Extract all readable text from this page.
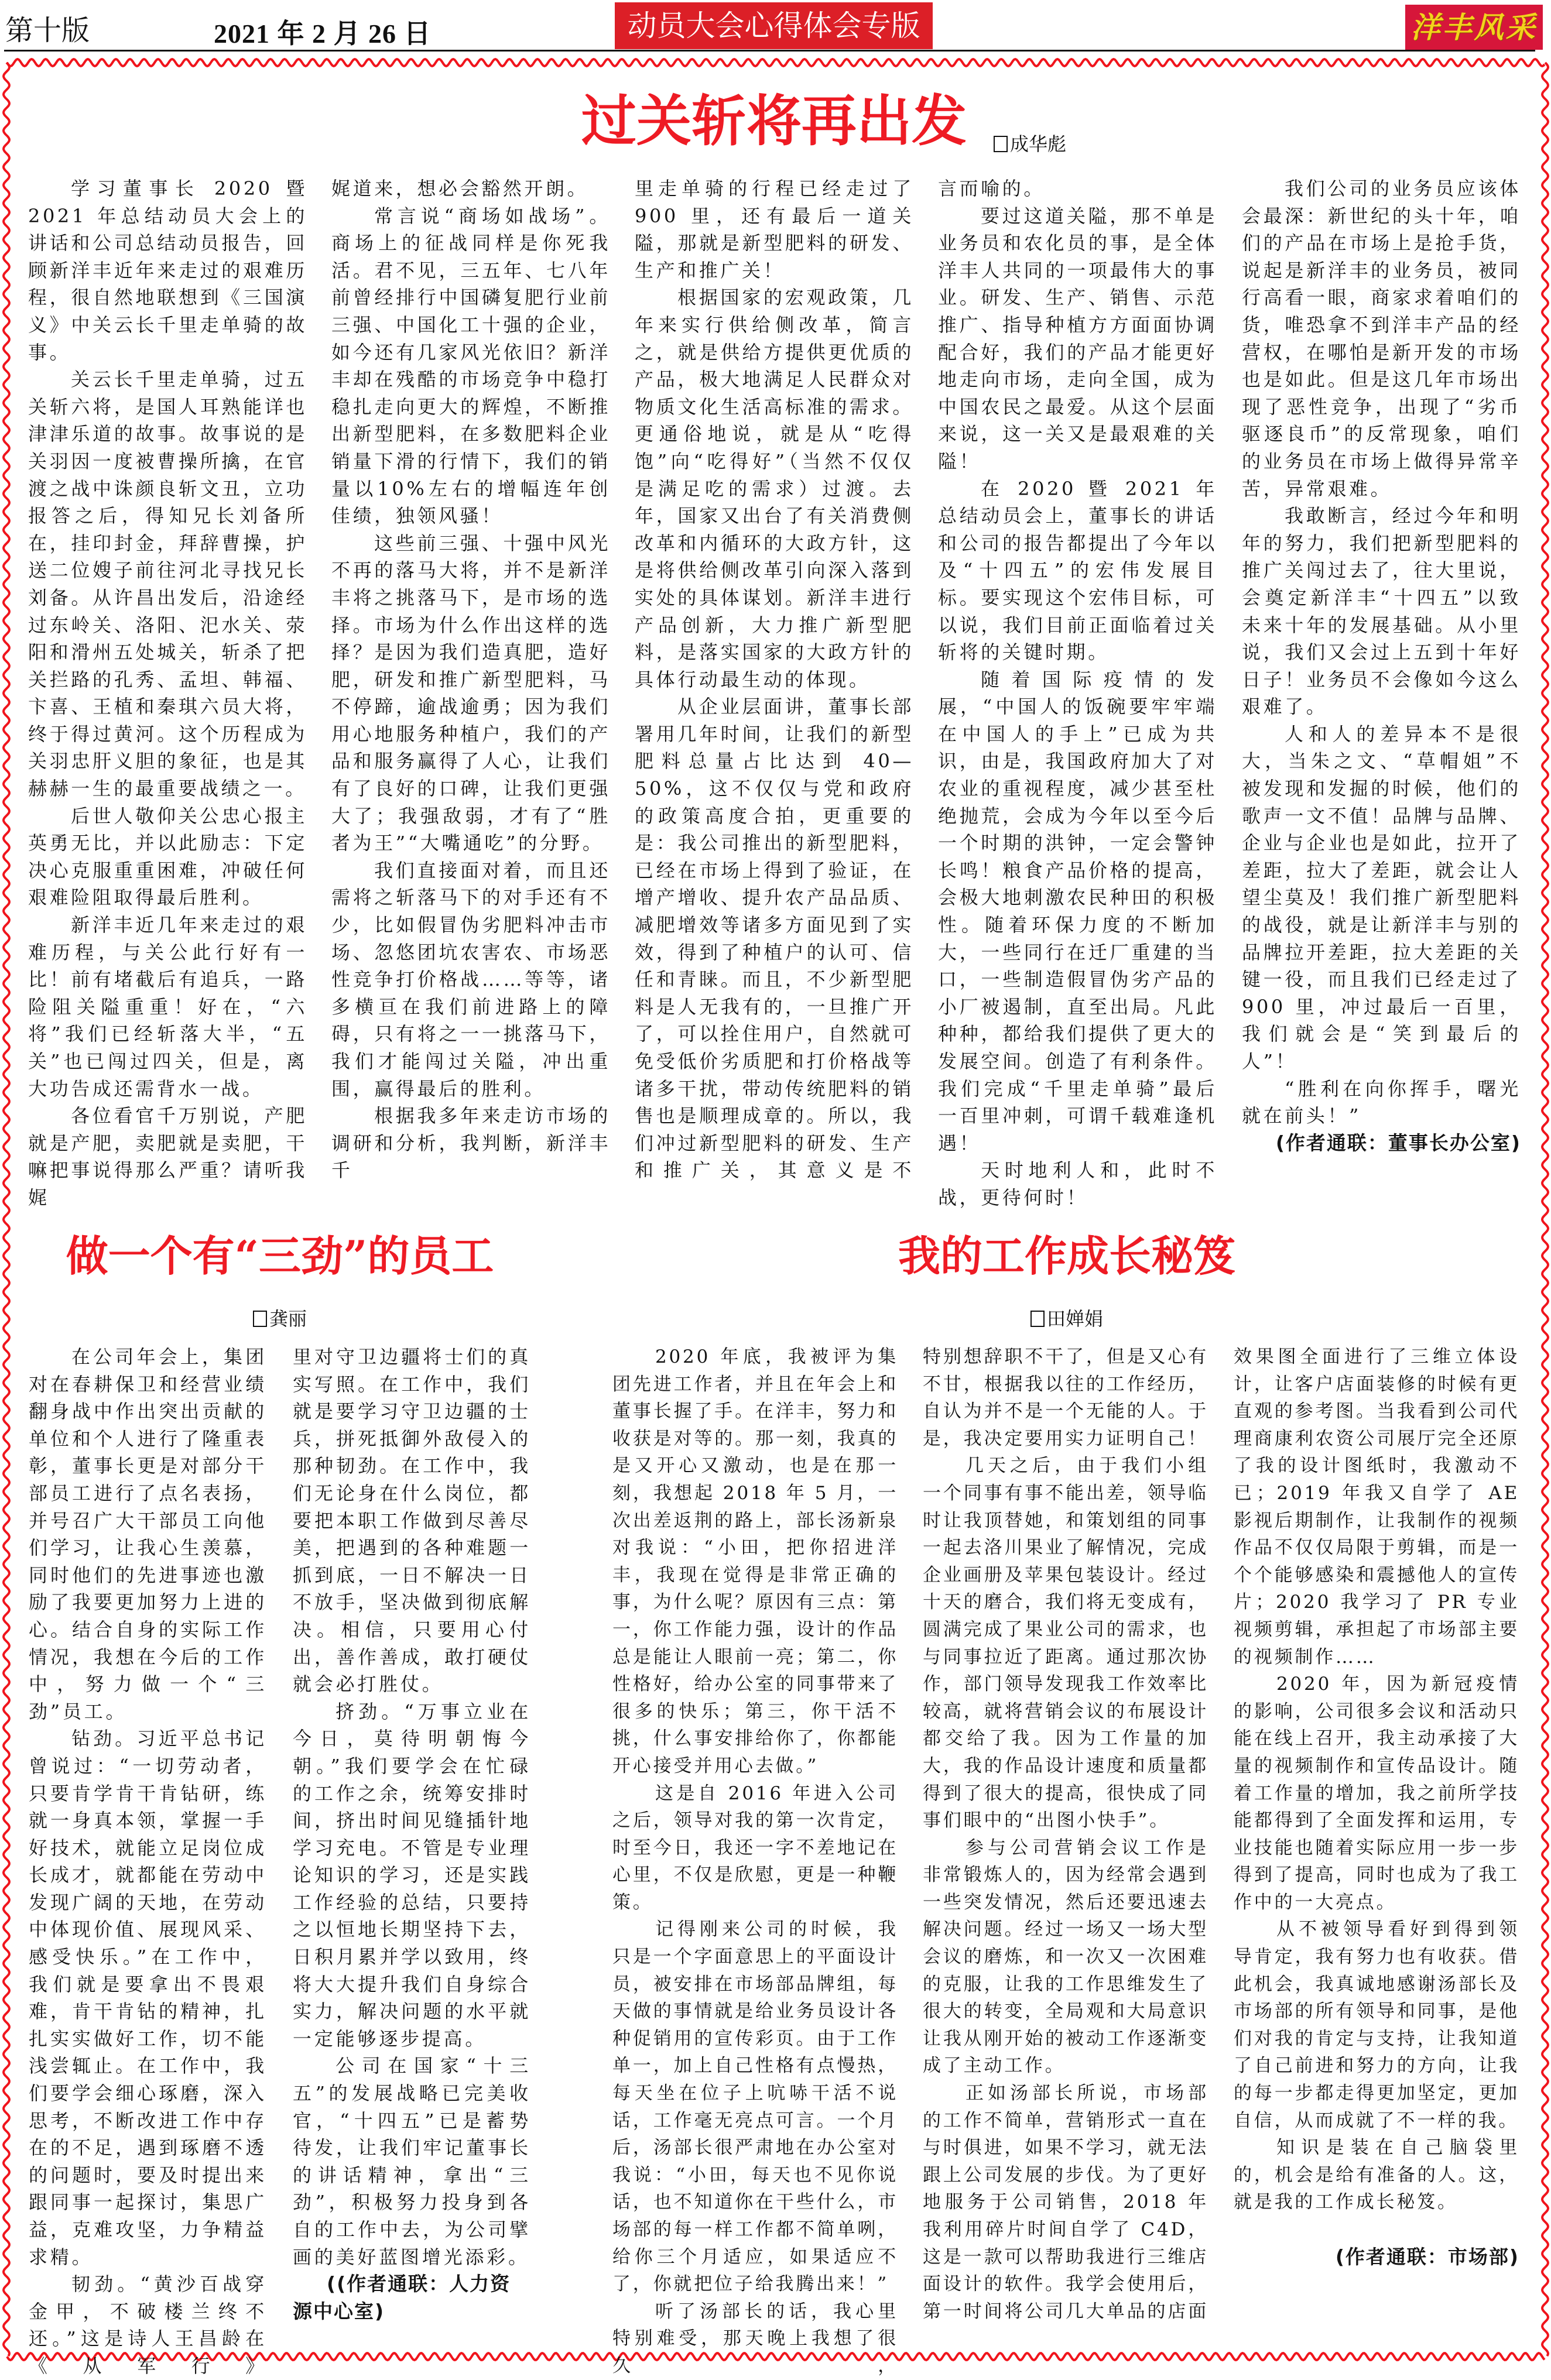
第十版	2021 年 2 月 26 日	动员大会心得体会专版	洋丰风采
过关斩将再出发 成华彪

学习董事长 2020 暨 2021 年总结动员大会上的讲话和公司总结动员报告，回顾新洋丰近年来走过的艰难历程，很自然地联想到《三国演义》中关云长千里走单骑的故事。

关云长千里走单骑，过五关斩六将，是国人耳熟能详也津津乐道的故事。故事说的是关羽因一度被曹操所擒，在官渡之战中诛颜良斩文丑，立功报答之后，得知兄长刘备所在，挂印封金，拜辞曹操，护送二位嫂子前往河北寻找兄长刘备。从许昌出发后，沿途经过东岭关、洛阳、汜水关、荥阳和滑州五处城关，斩杀了把关拦路的孔秀、孟坦、韩福、卞喜、王植和秦琪六员大将，终于得过黄河。这个历程成为关羽忠肝义胆的象征，也是其赫赫一生的最重要战绩之一。

后世人敬仰关公忠心报主英勇无比，并以此励志：下定决心克服重重困难，冲破任何艰难险阻取得最后胜利。

新洋丰近几年来走过的艰难历程，与关公此行好有一比！前有堵截后有追兵，一路险阻关隘重重！好在，“六将”我们已经斩落大半，“五关”也已闯过四关，但是，离大功告成还需背水一战。

各位看官千万别说，产肥就是产肥，卖肥就是卖肥，干嘛把事说得那么严重？请听我娓

娓道来，想必会豁然开朗。

常言说“商场如战场”。商场上的征战同样是你死我活。君不见，三五年、七八年前曾经排行中国磷复肥行业前三强、中国化工十强的企业，如今还有几家风光依旧？新洋丰却在残酷的市场竞争中稳打稳扎走向更大的辉煌，不断推出新型肥料，在多数肥料企业销量下滑的行情下，我们的销量以10%左右的增幅连年创佳绩，独领风骚！

这些前三强、十强中风光不再的落马大将，并不是新洋丰将之挑落马下，是市场的选择。市场为什么作出这样的选择？是因为我们造真肥，造好肥，研发和推广新型肥料，马不停蹄，逾战逾勇；因为我们用心地服务种植户，我们的产品和服务赢得了人心，让我们有了良好的口碑，让我们更强大了；我强敌弱，才有了“胜者为王”“大嘴通吃”的分野。

我们直接面对着，而且还需将之斩落马下的对手还有不少，比如假冒伪劣肥料冲击市场、忽悠团坑农害农、市场恶性竞争打价格战……等等，诸多横亘在我们前进路上的障碍，只有将之一一挑落马下，我们才能闯过关隘，冲出重围，赢得最后的胜利。

根据我多年来走访市场的调研和分析，我判断，新洋丰千

里走单骑的行程已经走过了 900 里，还有最后一道关隘，那就是新型肥料的研发、生产和推广关！

根据国家的宏观政策，几年来实行供给侧改革，简言之，就是供给方提供更优质的产品，极大地满足人民群众对物质文化生活高标准的需求。更通俗地说，就是从“吃得饱”向“吃得好”（当然不仅仅是满足吃的需求）过渡。去年，国家又出台了有关消费侧改革和内循环的大政方针，这是将供给侧改革引向深入落到实处的具体谋划。新洋丰进行产品创新，大力推广新型肥料，是落实国家的大政方针的具体行动最生动的体现。

从企业层面讲，董事长部署用几年时间，让我们的新型肥料总量占比达到 40—50%，这不仅仅与党和政府的政策高度合拍，更重要的是：我公司推出的新型肥料，已经在市场上得到了验证，在增产增收、提升农产品品质、减肥增效等诸多方面见到了实效，得到了种植户的认可、信任和青睐。而且，不少新型肥料是人无我有的，一旦推广开了，可以拴住用户，自然就可免受低价劣质肥和打价格战等诸多干扰，带动传统肥料的销售也是顺理成章的。所以，我们冲过新型肥料的研发、生产和推广关，其意义是不

言而喻的。

要过这道关隘，那不单是业务员和农化员的事，是全体洋丰人共同的一项最伟大的事业。研发、生产、销售、示范推广、指导种植方方面面协调配合好，我们的产品才能更好地走向市场，走向全国，成为中国农民之最爱。从这个层面来说，这一关又是最艰难的关隘！

在 2020 暨 2021 年总结动员会上，董事长的讲话和公司的报告都提出了今年以及“十四五”的宏伟发展目标。要实现这个宏伟目标，可以说，我们目前正面临着过关斩将的关键时期。

随着国际疫情的发展，“中国人的饭碗要牢牢端在中国人的手上”已成为共识，由是，我国政府加大了对农业的重视程度，减少甚至杜绝抛荒，会成为今年以至今后一个时期的洪钟，一定会警钟长鸣！粮食产品价格的提高，会极大地刺激农民种田的积极性。随着环保力度的不断加大，一些同行在迁厂重建的当口，一些制造假冒伪劣产品的小厂被遏制，直至出局。凡此种种，都给我们提供了更大的发展空间。创造了有利条件。我们完成“千里走单骑”最后一百里冲刺，可谓千载难逢机遇！

天时地利人和，此时不战，更待何时！

我们公司的业务员应该体会最深：新世纪的头十年，咱们的产品在市场上是抢手货，说起是新洋丰的业务员，被同行高看一眼，商家求着咱们的货，唯恐拿不到洋丰产品的经营权，在哪怕是新开发的市场也是如此。但是这几年市场出现了恶性竞争，出现了“劣币驱逐良币”的反常现象，咱们的业务员在市场上做得异常辛苦，异常艰难。

我敢断言，经过今年和明年的努力，我们把新型肥料的推广关闯过去了，往大里说，会奠定新洋丰“十四五”以致未来十年的发展基础。从小里说，我们又会过上五到十年好日子！业务员不会像如今这么艰难了。

人和人的差异本不是很大，当朱之文、“草帽姐”不被发现和发掘的时候，他们的歌声一文不值！品牌与品牌、企业与企业也是如此，拉开了差距，拉大了差距，就会让人望尘莫及！我们推广新型肥料的战役，就是让新洋丰与别的品牌拉开差距，拉大差距的关键一役，而且我们已经走过了 900 里，冲过最后一百里，我们就会是“笑到最后的人”！

“胜利在向你挥手，曙光就在前头！”

(作者通联：董事长办公室)

做一个有“三劲”的员工
龚丽

在公司年会上，集团对在春耕保卫和经营业绩翻身战中作出突出贡献的单位和个人进行了隆重表彰，董事长更是对部分干部员工进行了点名表扬，并号召广大干部员工向他们学习，让我心生羡慕，同时他们的先进事迹也激励了我要更加努力上进的心。结合自身的实际工作情况，我想在今后的工作中，努力做一个“三劲”员工。

钻劲。习近平总书记曾说过：“一切劳动者，只要肯学肯干肯钻研，练就一身真本领，掌握一手好技术，就能立足岗位成长成才，就都能在劳动中发现广阔的天地，在劳动中体现价值、展现风采、感受快乐。”在工作中，我们就是要拿出不畏艰难，肯干肯钻的精神，扎扎实实做好工作，切不能浅尝辄止。在工作中，我们要学会细心琢磨，深入思考，不断改进工作中存在的不足，遇到琢磨不透的问题时，要及时提出来跟同事一起探讨，集思广益，克难攻坚，力争精益求精。

韧劲。“黄沙百战穿金甲，不破楼兰终不还。”这是诗人王昌龄在《从军行》

里对守卫边疆将士们的真实写照。在工作中，我们就是要学习守卫边疆的士兵，拼死抵御外敌侵入的那种韧劲。在工作中，我们无论身在什么岗位，都要把本职工作做到尽善尽美，把遇到的各种难题一抓到底，一日不解决一日不放手，坚决做到彻底解决。相信，只要用心付出，善作善成，敢打硬仗就会必打胜仗。

挤劲。“万事立业在今日，莫待明朝悔今朝。”我们要学会在忙碌的工作之余，统筹安排时间，挤出时间见缝插针地学习充电。不管是专业理论知识的学习，还是实践工作经验的总结，只要持之以恒地长期坚持下去，日积月累并学以致用，终将大大提升我们自身综合实力，解决问题的水平就一定能够逐步提高。

公司在国家“十三五”的发展战略已完美收官，“十四五”已是蓄势待发，让我们牢记董事长的讲话精神，拿出“三劲”，积极努力投身到各自的工作中去，为公司擘画的美好蓝图增光添彩。

((作者通联：人力资源中心室)

我的工作成长秘笈
田婵娟

2020 年底，我被评为集团先进工作者，并且在年会上和董事长握了手。在洋丰，努力和收获是对等的。那一刻，我真的是又开心又激动，也是在那一刻，我想起 2018 年 5 月，一次出差返荆的路上，部长汤新泉对我说：“小田，把你招进洋丰，我现在觉得是非常正确的事，为什么呢？原因有三点：第一，你工作能力强，设计的作品总是能让人眼前一亮；第二，你性格好，给办公室的同事带来了很多的快乐；第三，你干活不挑，什么事安排给你了，你都能开心接受并用心去做。”

这是自 2016 年进入公司之后，领导对我的第一次肯定，时至今日，我还一字不差地记在心里，不仅是欣慰，更是一种鞭策。

记得刚来公司的时候，我只是一个字面意思上的平面设计员，被安排在市场部品牌组，每天做的事情就是给业务员设计各种促销用的宣传彩页。由于工作单一，加上自己性格有点慢热，每天坐在位子上吭哧干活不说话，工作毫无亮点可言。一个月后，汤部长很严肃地在办公室对我说：“小田，每天也不见你说话，也不知道你在干些什么，市场部的每一样工作都不简单咧，给你三个月适应，如果适应不了，你就把位子给我腾出来！”

听了汤部长的话，我心里特别难受，那天晚上我想了很久，

特别想辞职不干了，但是又心有不甘，根据我以往的工作经历，自认为并不是一个无能的人。于是，我决定要用实力证明自己！

几天之后，由于我们小组一个同事有事不能出差，领导临时让我顶替她，和策划组的同事一起去洛川果业了解情况，完成企业画册及苹果包装设计。经过十天的磨合，我们将无变成有，圆满完成了果业公司的需求，也与同事拉近了距离。通过那次协作，部门领导发现我工作效率比较高，就将营销会议的布展设计都交给了我。因为工作量的加大，我的作品设计速度和质量都得到了很大的提高，很快成了同事们眼中的“出图小快手”。

参与公司营销会议工作是非常锻炼人的，因为经常会遇到一些突发情况，然后还要迅速去解决问题。经过一场又一场大型会议的磨炼，和一次又一次困难的克服，让我的工作思维发生了很大的转变，全局观和大局意识让我从刚开始的被动工作逐渐变成了主动工作。

正如汤部长所说，市场部的工作不简单，营销形式一直在与时俱进，如果不学习，就无法跟上公司发展的步伐。为了更好地服务于公司销售，2018 年我利用碎片时间自学了 C4D，这是一款可以帮助我进行三维店面设计的软件。我学会使用后，第一时间将公司几大单品的店面

效果图全面进行了三维立体设计，让客户店面装修的时候有更直观的参考图。当我看到公司代理商康利农资公司展厅完全还原了我的设计图纸时，我激动不已；2019 年我又自学了 AE 影视后期制作，让我制作的视频作品不仅仅局限于剪辑，而是一个个能够感染和震撼他人的宣传片；2020 我学习了 PR 专业视频剪辑，承担起了市场部主要的视频制作……

2020 年，因为新冠疫情的影响，公司很多会议和活动只能在线上召开，我主动承接了大量的视频制作和宣传品设计。随着工作量的增加，我之前所学技能都得到了全面发挥和运用，专业技能也随着实际应用一步一步得到了提高，同时也成为了我工作中的一大亮点。

从不被领导看好到得到领导肯定，我有努力也有收获。借此机会，我真诚地感谢汤部长及市场部的所有领导和同事，是他们对我的肯定与支持，让我知道了自己前进和努力的方向，让我的每一步都走得更加坚定，更加自信，从而成就了不一样的我。

知识是装在自己脑袋里的，机会是给有准备的人。这，就是我的工作成长秘笈。

(作者通联：市场部)
